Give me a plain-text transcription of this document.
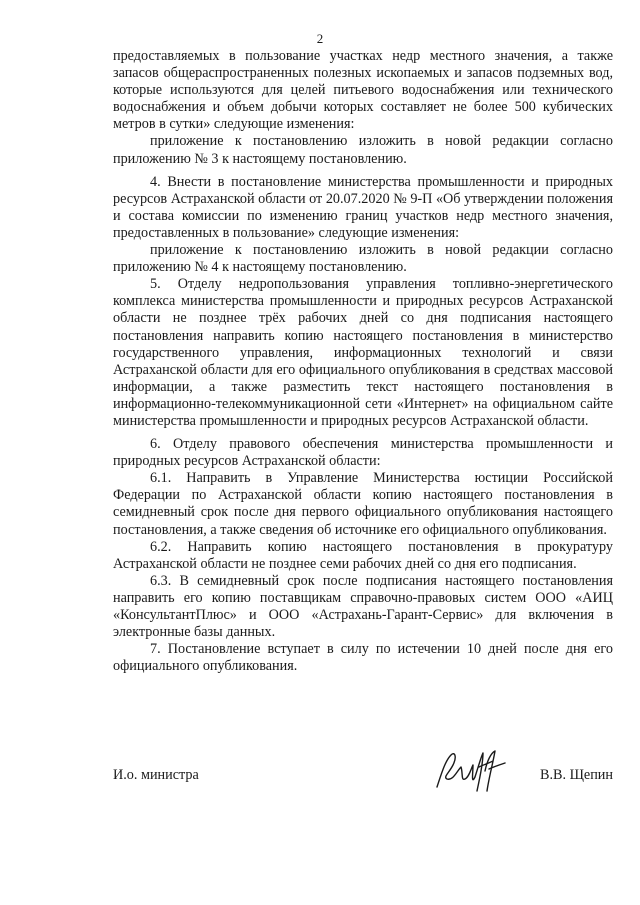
2

предоставляемых в пользование участках недр местного значения, а также запасов общераспространенных полезных ископаемых и запасов подземных вод, которые используются для целей питьевого водоснабжения или технического водоснабжения и объем добычи которых составляет не более 500 кубических метров в сутки» следующие изменения:

приложение к постановлению изложить в новой редакции согласно приложению № 3 к настоящему постановлению.

4. Внести в постановление министерства промышленности и природных ресурсов Астраханской области от 20.07.2020 № 9-П «Об утверждении положения и состава комиссии по изменению границ участков недр местного значения, предоставленных в пользование» следующие изменения:

приложение к постановлению изложить в новой редакции согласно приложению № 4 к настоящему постановлению.

5. Отделу недропользования управления топливно-энергетического комплекса министерства промышленности и природных ресурсов Астраханской области не позднее трёх рабочих дней со дня подписания настоящего постановления направить копию настоящего постановления в министерство государственного управления, информационных технологий и связи Астраханской области для его официального опубликования в средствах массовой информации, а также разместить текст настоящего постановления в информационно-телекоммуникационной сети «Интернет» на официальном сайте министерства промышленности и природных ресурсов Астраханской области.

6. Отделу правового обеспечения министерства промышленности и природных ресурсов Астраханской области:

6.1. Направить в Управление Министерства юстиции Российской Федерации по Астраханской области копию настоящего постановления в семидневный срок после дня первого официального опубликования настоящего постановления, а также сведения об источнике его официального опубликования.

6.2. Направить копию настоящего постановления в прокуратуру Астраханской области не позднее семи рабочих дней со дня его подписания.

6.3. В семидневный срок после подписания настоящего постановления направить его копию поставщикам справочно-правовых систем ООО «АИЦ «КонсультантПлюс» и ООО «Астрахань-Гарант-Сервис» для включения в электронные базы данных.

7. Постановление вступает в силу по истечении 10 дней после дня его официального опубликования.

И.о. министра	В.В. Щепин
